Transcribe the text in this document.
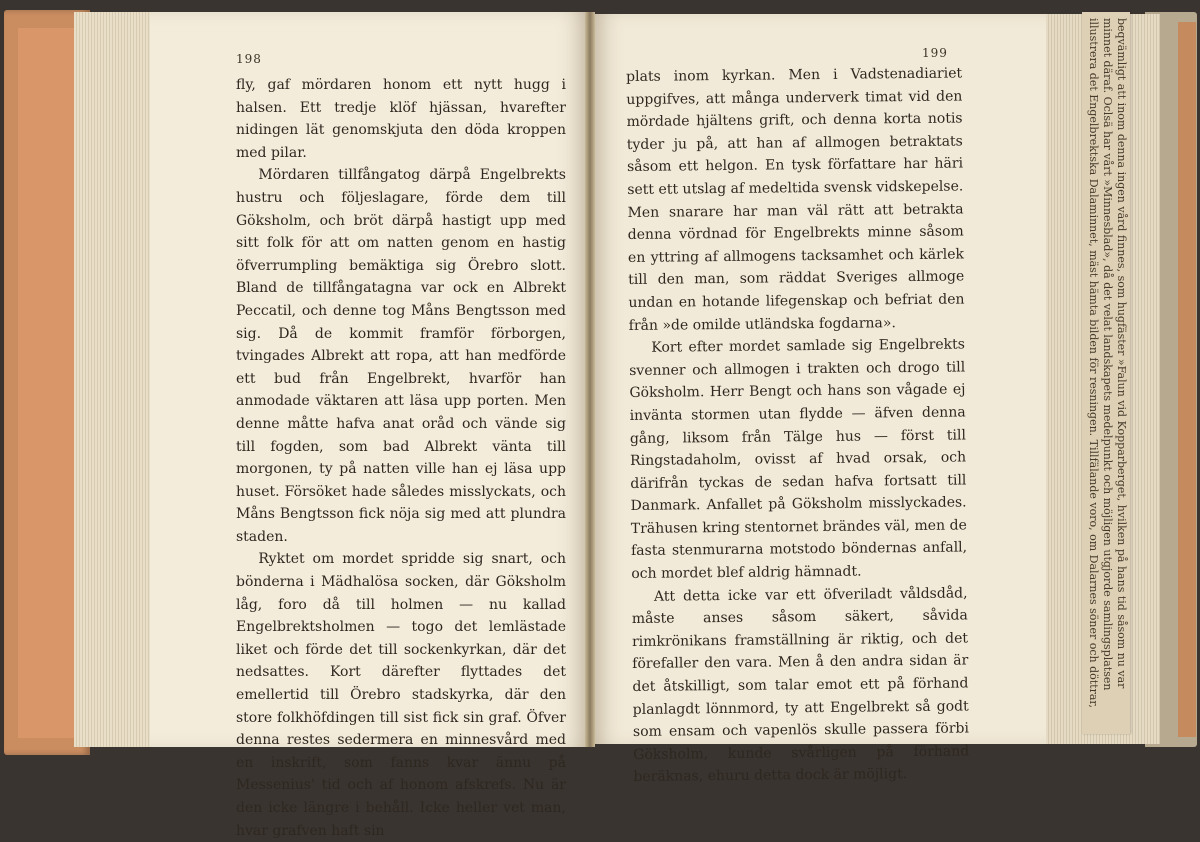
beqvämligt att inom denna ingen vård finnes, som hugfäster »Falun vid Kopparberget, hvilken på hans tid såsom nu var
minnet däraf. Oclsä har vårt »Minnesblad», då det velat landskapets medelpunkt och möjligen utgjorde samlingsplatsen
illustrera det Engelbrektska Dalaminnet, mäst hämta bilden för resningen. Tillfälande voro, om Dalarnes söner och döttrar,
198

fly, gaf mördaren honom ett nytt hugg i halsen. Ett tredje klöf hjässan, hvarefter nidingen lät genomskjuta den döda kroppen med pilar.

Mördaren tillfångatog därpå Engelbrekts hustru och följeslagare, förde dem till Göksholm, och bröt därpå hastigt upp med sitt folk för att om natten genom en hastig öfverrumpling bemäktiga sig Örebro slott. Bland de tillfångatagna var ock en Albrekt Peccatil, och denne tog Måns Bengtsson med sig. Då de kommit framför förborgen, tvingades Albrekt att ropa, att han medförde ett bud från Engelbrekt, hvarför han anmodade väktaren att läsa upp porten. Men denne måtte hafva anat oråd och vände sig till fogden, som bad Albrekt vänta till morgonen, ty på natten ville han ej läsa upp huset. Försöket hade således misslyckats, och Måns Bengtsson fick nöja sig med att plundra staden.

Ryktet om mordet spridde sig snart, och bönderna i Mädhalösa socken, där Göksholm låg, foro då till holmen — nu kallad Engelbrektsholmen — togo det lemlästade liket och förde det till sockenkyrkan, där det nedsattes. Kort därefter flyttades det emellertid till Örebro stadskyrka, där den store folkhöfdingen till sist fick sin graf. Öfver denna restes sedermera en minnesvård med en inskrift, som fanns kvar ännu på Messenius' tid och af honom afskrefs. Nu är den icke längre i behåll. Icke heller vet man, hvar grafven haft sin

199

plats inom kyrkan. Men i Vadstenadiariet uppgifves, att många underverk timat vid den mördade hjältens grift, och denna korta notis tyder ju på, att han af allmogen betraktats såsom ett helgon. En tysk författare har häri sett ett utslag af medeltida svensk vidskepelse. Men snarare har man väl rätt att betrakta denna vördnad för Engelbrekts minne såsom en yttring af allmogens tacksamhet och kärlek till den man, som räddat Sveriges allmoge undan en hotande lifegenskap och befriat den från »de omilde utländska fogdarna».

Kort efter mordet samlade sig Engelbrekts svenner och allmogen i trakten och drogo till Göksholm. Herr Bengt och hans son vågade ej invänta stormen utan flydde — äfven denna gång, liksom från Tälge hus — först till Ringstadaholm, ovisst af hvad orsak, och därifrån tyckas de sedan hafva fortsatt till Danmark. Anfallet på Göksholm misslyckades. Trähusen kring stentornet brändes väl, men de fasta stenmurarna motstodo böndernas anfall, och mordet blef aldrig hämnadt.

Att detta icke var ett öfveriladt våldsdåd, måste anses såsom säkert, såvida rimkrönikans framställning är riktig, och det förefaller den vara. Men å den andra sidan är det åtskilligt, som talar emot ett på förhand planlagdt lönnmord, ty att Engelbrekt så godt som ensam och vapenlös skulle passera förbi Göksholm, kunde svårligen på förhand beräknas, ehuru detta dock är möjligt.
